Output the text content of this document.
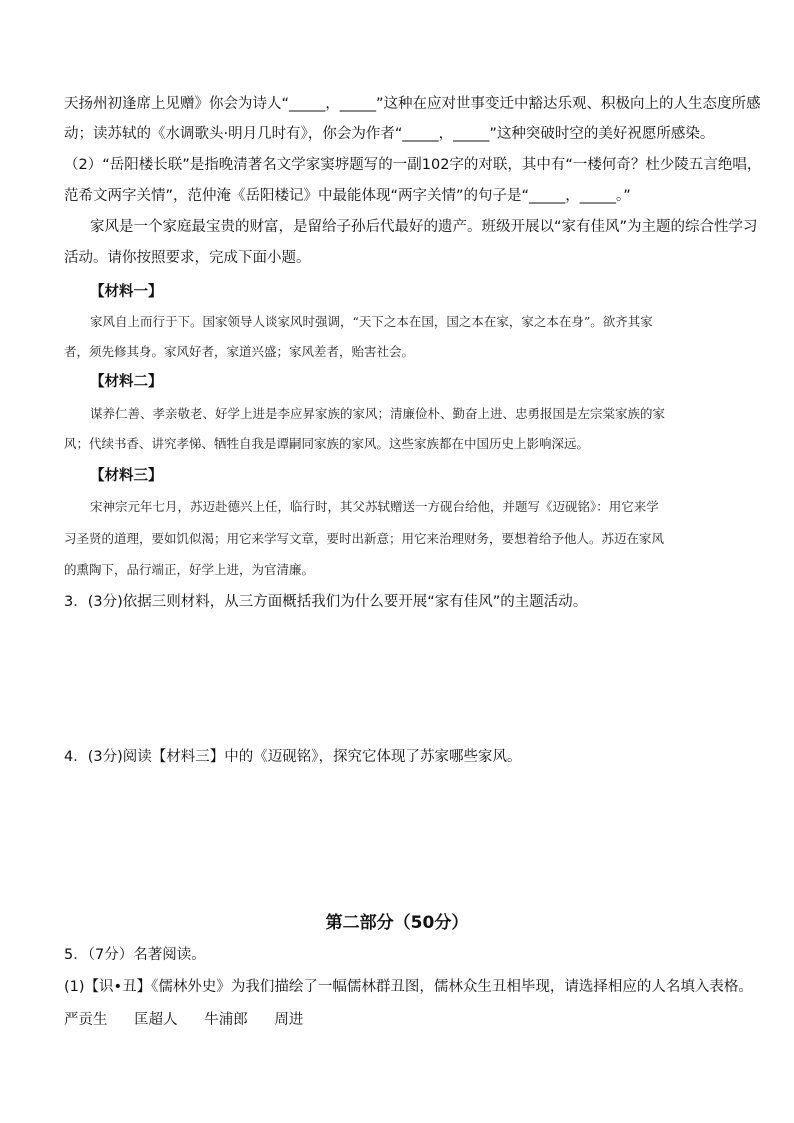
天扬州初逢席上见赠》你会为诗人“_____，_____”这种在应对世事变迁中豁达乐观、积极向上的人生态度所感
动；读苏轼的《水调歌头·明月几时有》，你会为作者“_____，_____”这种突破时空的美好祝愿所感染。
（2）“岳阳楼长联”是指晚清著名文学家窦垿题写的一副102字的对联，其中有“一楼何奇？杜少陵五言绝唱，
范希文两字关情”，范仲淹《岳阳楼记》中最能体现“两字关情”的句子是“_____，_____。”
家风是一个家庭最宝贵的财富，是留给子孙后代最好的遗产。班级开展以“家有佳风”为主题的综合性学习
活动。请你按照要求，完成下面小题。
【材料一】
家风自上而行于下。国家领导人谈家风时强调，“天下之本在国，国之本在家，家之本在身”。欲齐其家
者，须先修其身。家风好者，家道兴盛；家风差者，贻害社会。
【材料二】
谋养仁善、孝亲敬老、好学上进是李应昇家族的家风；清廉俭朴、勤奋上进、忠勇报国是左宗棠家族的家
风；代续书香、讲究孝悌、牺牲自我是谭嗣同家族的家风。这些家族都在中国历史上影响深远。
【材料三】
宋神宗元年七月，苏迈赴德兴上任，临行时，其父苏轼赠送一方砚台给他，并题写《迈砚铭》：用它来学
习圣贤的道理，要如饥似渴；用它来学写文章，要时出新意；用它来治理财务，要想着给予他人。苏迈在家风
的熏陶下，品行端正，好学上进，为官清廉。
3．(3分)依据三则材料，从三方面概括我们为什么要开展“家有佳风”的主题活动。
4．(3分)阅读【材料三】中的《迈砚铭》，探究它体现了苏家哪些家风。
第二部分（50分）
5．（7分）名著阅读。
(1)【识•丑】《儒林外史》为我们描绘了一幅儒林群丑图，儒林众生丑相毕现，请选择相应的人名填入表格。
严贡生 匡超人 牛浦郎 周进
